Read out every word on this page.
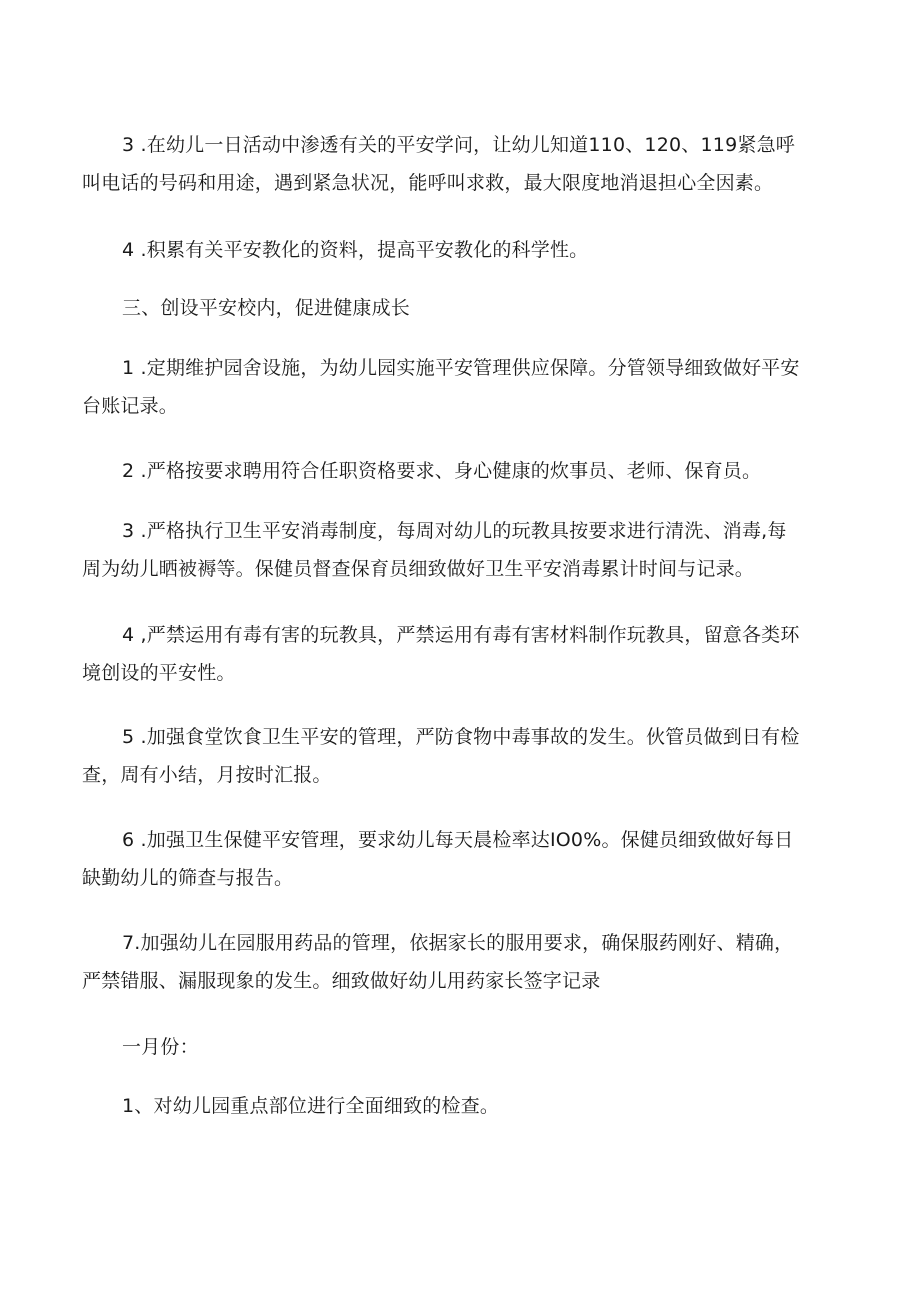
3 .在幼儿一日活动中渗透有关的平安学问，让幼儿知道110、120、119紧急呼
叫电话的号码和用途，遇到紧急状况，能呼叫求救，最大限度地消退担心全因素。
4 .积累有关平安教化的资料，提高平安教化的科学性。
三、创设平安校内，促进健康成长
1 .定期维护园舍设施，为幼儿园实施平安管理供应保障。分管领导细致做好平安
台账记录。
2 .严格按要求聘用符合任职资格要求、身心健康的炊事员、老师、保育员。
3 .严格执行卫生平安消毒制度，每周对幼儿的玩教具按要求进行清洗、消毒,每
周为幼儿晒被褥等。保健员督查保育员细致做好卫生平安消毒累计时间与记录。
4 ,严禁运用有毒有害的玩教具，严禁运用有毒有害材料制作玩教具，留意各类环
境创设的平安性。
5 .加强食堂饮食卫生平安的管理，严防食物中毒事故的发生。伙管员做到日有检
查，周有小结，月按时汇报。
6 .加强卫生保健平安管理，要求幼儿每天晨检率达IO0%。保健员细致做好每日
缺勤幼儿的筛查与报告。
7.加强幼儿在园服用药品的管理，依据家长的服用要求，确保服药刚好、精确，
严禁错服、漏服现象的发生。细致做好幼儿用药家长签字记录
一月份：
1、对幼儿园重点部位进行全面细致的检查。
